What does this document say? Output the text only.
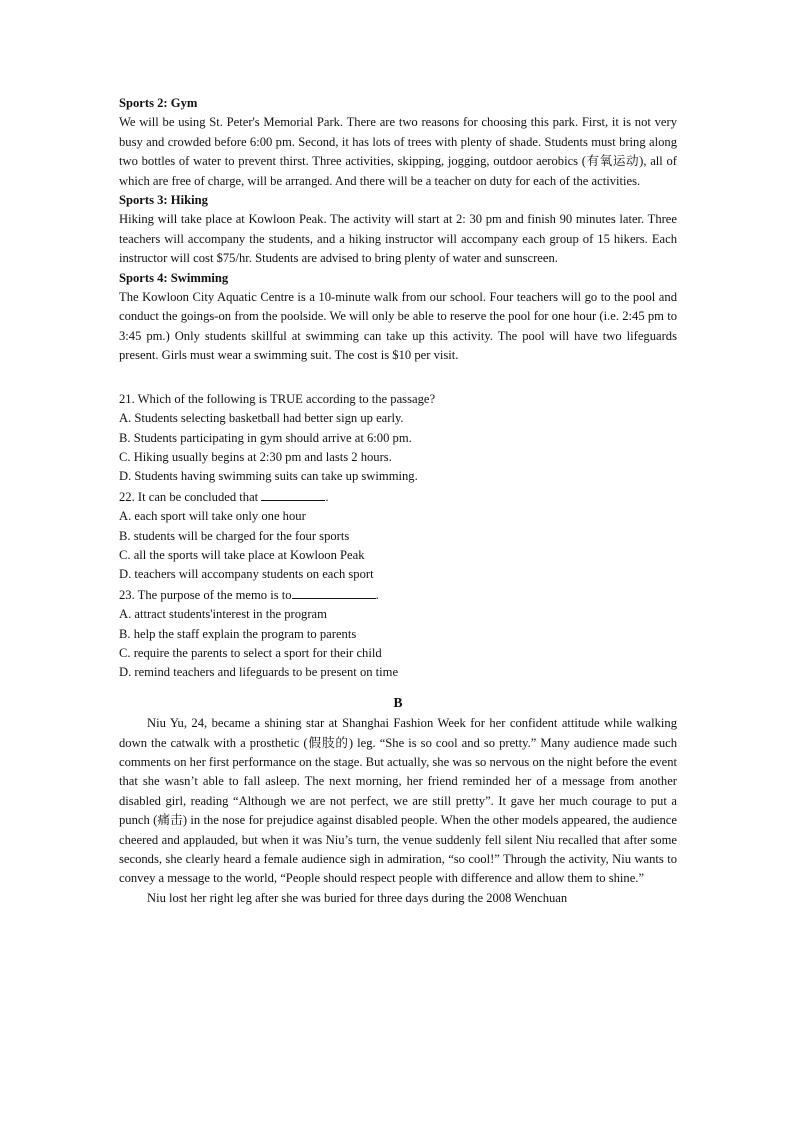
Sports 2: Gym

We will be using St. Peter's Memorial Park. There are two reasons for choosing this park. First, it is not very busy and crowded before 6:00 pm. Second, it has lots of trees with plenty of shade. Students must bring along two bottles of water to prevent thirst. Three activities, skipping, jogging, outdoor aerobics (有氧运动), all of which are free of charge, will be arranged. And there will be a teacher on duty for each of the activities.

Sports 3: Hiking

Hiking will take place at Kowloon Peak. The activity will start at 2: 30 pm and finish 90 minutes later. Three teachers will accompany the students, and a hiking instructor will accompany each group of 15 hikers. Each instructor will cost $75/hr. Students are advised to bring plenty of water and sunscreen.

Sports 4: Swimming

The Kowloon City Aquatic Centre is a 10-minute walk from our school. Four teachers will go to the pool and conduct the goings-on from the poolside. We will only be able to reserve the pool for one hour (i.e. 2:45 pm to 3:45 pm.) Only students skillful at swimming can take up this activity. The pool will have two lifeguards present. Girls must wear a swimming suit. The cost is $10 per visit.

21. Which of the following is TRUE according to the passage?

A. Students selecting basketball had better sign up early.

B. Students participating in gym should arrive at 6:00 pm.

C. Hiking usually begins at 2:30 pm and lasts 2 hours.

D. Students having swimming suits can take up swimming.

22. It can be concluded that	.

A. each sport will take only one hour

B. students will be charged for the four sports

C. all the sports will take place at Kowloon Peak

D. teachers will accompany students on each sport

23. The purpose of the memo is to	.

A. attract students'interest in the program

B. help the staff explain the program to parents

C. require the parents to select a sport for their child

D. remind teachers and lifeguards to be present on time

B

Niu Yu, 24, became a shining star at Shanghai Fashion Week for her confident attitude while walking down the catwalk with a prosthetic (假肢的) leg. “She is so cool and so pretty.” Many audience made such comments on her first performance on the stage. But actually, she was so nervous on the night before the event that she wasn’t able to fall asleep. The next morning, her friend reminded her of a message from another disabled girl, reading “Although we are not perfect, we are still pretty”. It gave her much courage to put a punch (痛击) in the nose for prejudice against disabled people. When the other models appeared, the audience cheered and applauded, but when it was Niu’s turn, the venue suddenly fell silent Niu recalled that after some seconds, she clearly heard a female audience sigh in admiration, “so cool!” Through the activity, Niu wants to convey a message to the world, “People should respect people with difference and allow them to shine.”

Niu lost her right leg after she was buried for three days during the 2008 Wenchuan
